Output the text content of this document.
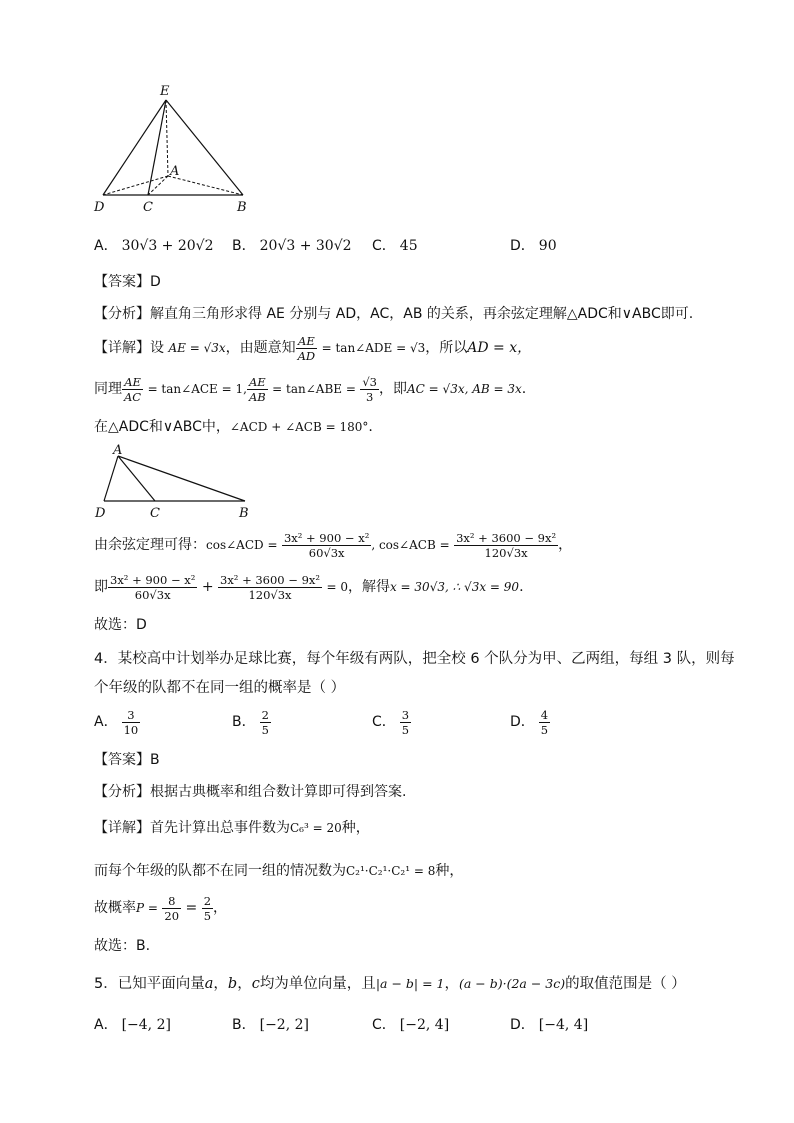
E
A
D	C	B
A． 30√3 + 20√2 B． 20√3 + 30√2 C． 45	D． 90
【答案】D
【分析】解直角三角形求得 AE 分别与 AD，AC，AB 的关系，再余弦定理解△ADC和∨ABC即可.
【详解】设 AE = √3x，由题意知 $\frac{AE}{AD}$ = tan∠ADE = √3，所以AD = x，
同理 $\frac{AE}{AC}$ = tan∠ACE = 1, $\frac{AE}{AB}$ = tan∠ABE = $\frac{√3}{3}$ ，即AC = √3x, AB = 3x.
在△ADC和∨ABC中，∠ACD + ∠ACB = 180°.
A
D	C	B
由余弦定理可得：cos∠ACD = $\frac{\text{3x² + 900 − x²}}{60√3x}$ , cos∠ACB = $\frac{\text{3x² + 3600 − 9x²}}{120√3x}$ ，
即 $\frac{\text{3x² + 900 − x²}}{60√3x} + \frac{\text{3x² + 3600 − 9x²}}{120√3x} = 0$，解得x = 30√3, ∴ √3x = 90.
故选：D
4．某校高中计划举办足球比赛，每个年级有两队，把全校 6 个队分为甲、乙两组，每组 3 队，则每
个年级的队都不在同一组的概率是（ ）
A． $\frac{3}{10}$	B． $\frac{2}{5}$	C． $\frac{3}{5}$	D． $\frac{4}{5}$
【答案】B
【分析】根据古典概率和组合数计算即可得到答案.
【详解】首先计算出总事件数为C₆³ = 20种，
而每个年级的队都不在同一组的情况数为C₂¹·C₂¹·C₂¹ = 8种，
故概率$P = \frac{8}{20} = \frac{2}{5}$ ，
故选：B.
5．已知平面向量a，b，c均为单位向量，且|a − b| = 1，(a − b)·(2a − 3c)的取值范围是（ ）
A． [−4, 2]	B． [−2, 2]	C． [−2, 4]	D． [−4, 4]
